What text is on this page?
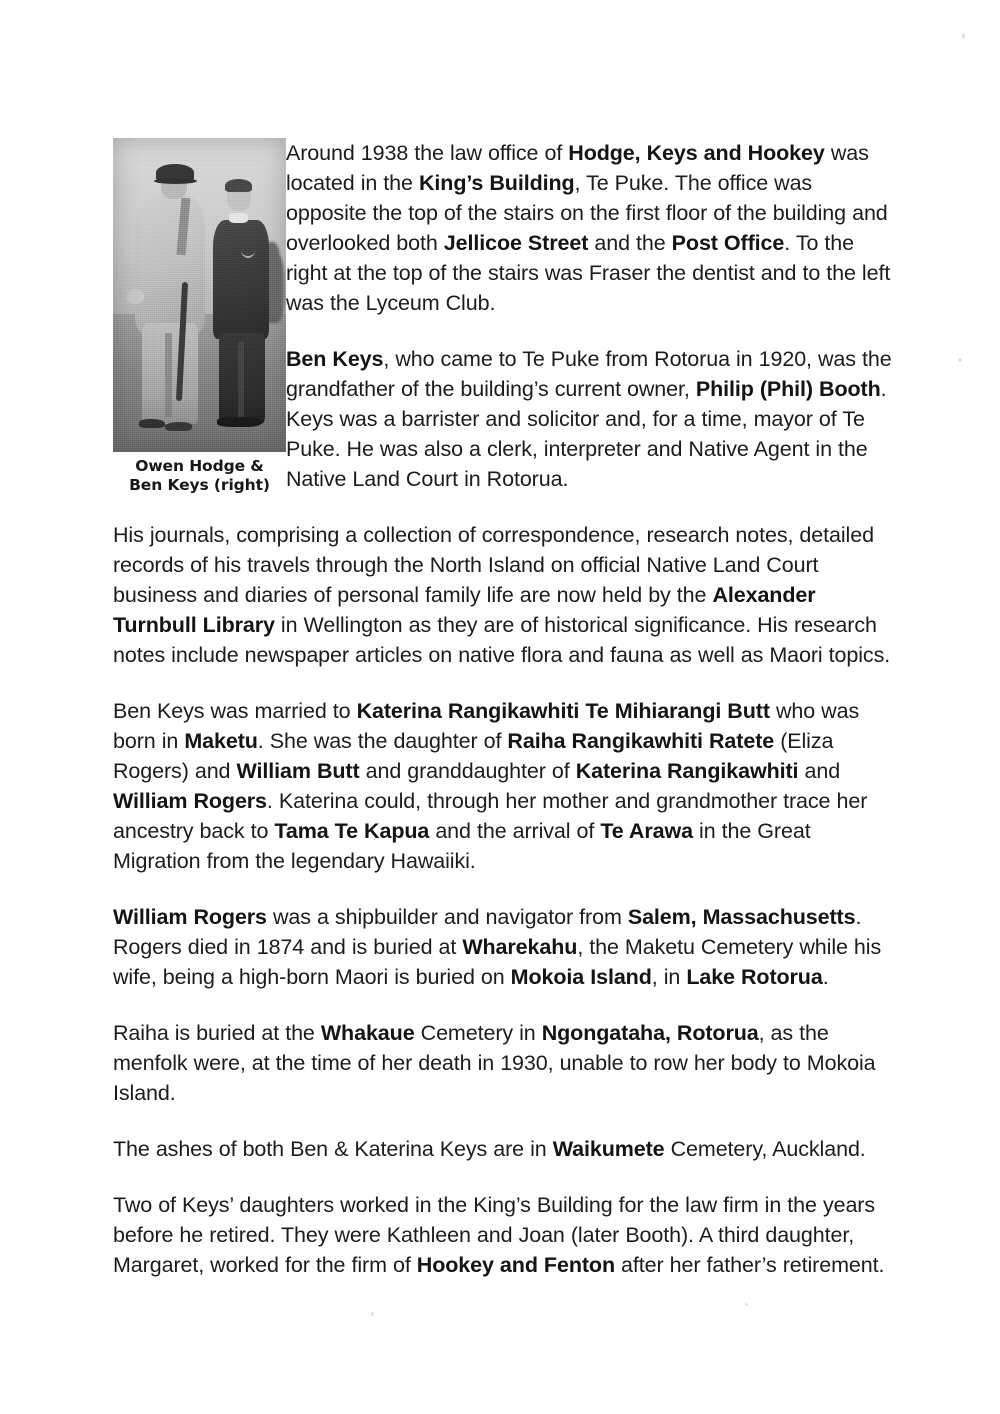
Owen Hodge &
Ben Keys (right)

Around 1938 the law office of Hodge, Keys and Hookey was located in the King’s Building, Te Puke. The office was opposite the top of the stairs on the first floor of the building and overlooked both Jellicoe Street and the Post Office. To the right at the top of the stairs was Fraser the dentist and to the left was the Lyceum Club.

Ben Keys, who came to Te Puke from Rotorua in 1920, was the grandfather of the building’s current owner, Philip (Phil) Booth. Keys was a barrister and solicitor and, for a time, mayor of Te Puke. He was also a clerk, interpreter and Native Agent in the Native Land Court in Rotorua.

His journals, comprising a collection of correspondence, research notes, detailed records of his travels through the North Island on official Native Land Court business and diaries of personal family life are now held by the Alexander Turnbull Library in Wellington as they are of historical significance. His research notes include newspaper articles on native flora and fauna as well as Maori topics.

Ben Keys was married to Katerina Rangikawhiti Te Mihiarangi Butt who was born in Maketu. She was the daughter of Raiha Rangikawhiti Ratete (Eliza Rogers) and William Butt and granddaughter of Katerina Rangikawhiti and William Rogers. Katerina could, through her mother and grandmother trace her ancestry back to Tama Te Kapua and the arrival of Te Arawa in the Great Migration from the legendary Hawaiiki.

William Rogers was a shipbuilder and navigator from Salem, Massachusetts. Rogers died in 1874 and is buried at Wharekahu, the Maketu Cemetery while his wife, being a high-born Maori is buried on Mokoia Island, in Lake Rotorua.

Raiha is buried at the Whakaue Cemetery in Ngongataha, Rotorua, as the menfolk were, at the time of her death in 1930, unable to row her body to Mokoia Island.

The ashes of both Ben & Katerina Keys are in Waikumete Cemetery, Auckland.

Two of Keys’ daughters worked in the King’s Building for the law firm in the years before he retired. They were Kathleen and Joan (later Booth). A third daughter, Margaret, worked for the firm of Hookey and Fenton after her father’s retirement.
